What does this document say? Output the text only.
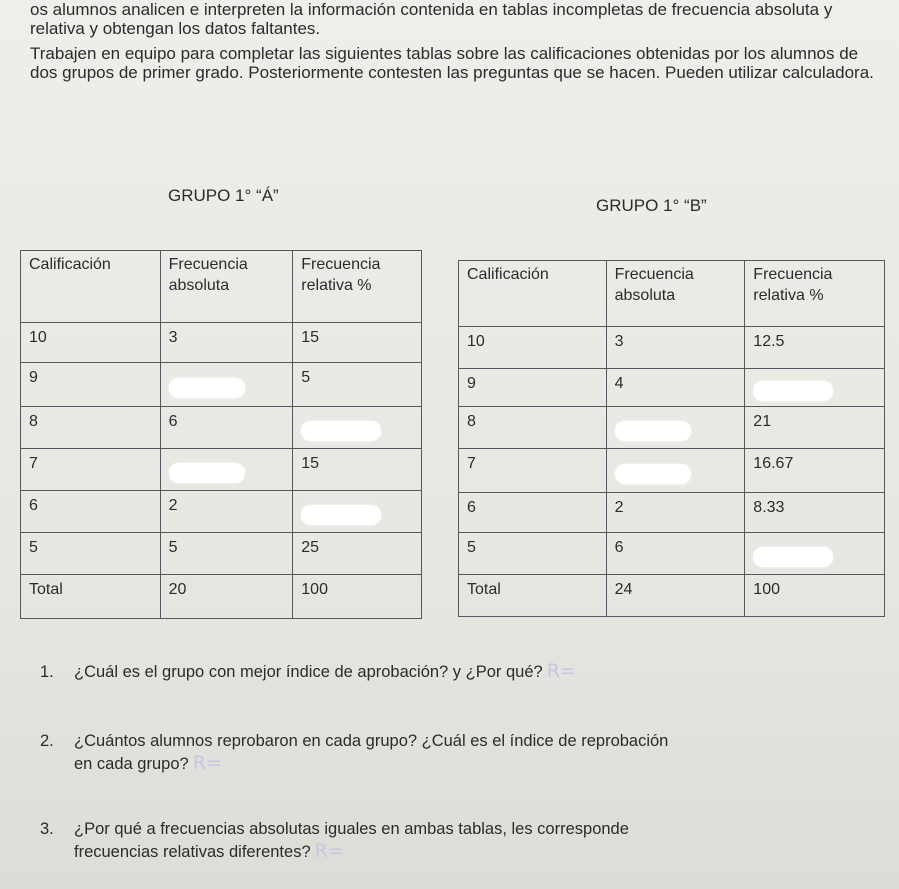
os alumnos analicen e interpreten la información contenida en tablas incompletas de frecuencia absoluta y relativa y obtengan los datos faltantes.
Trabajen en equipo para completar las siguientes tablas sobre las calificaciones obtenidas por los alumnos de dos grupos de primer grado. Posteriormente contesten las preguntas que se hacen. Pueden utilizar calculadora.
GRUPO 1° “Á”
GRUPO 1° “B”
Calificación	Frecuencia absoluta	Frecuencia relativa %
10	3	15
9		5
8	6	
7		15
6	2	
5	5	25
Total	20	100
Calificación	Frecuencia absoluta	Frecuencia relativa %
10	3	12.5
9	4	
8		21
7		16.67
6	2	8.33
5	6	
Total	24	100
1. ¿Cuál es el grupo con mejor índice de aprobación? y ¿Por qué? R=
2. ¿Cuántos alumnos reprobaron en cada grupo? ¿Cuál es el índice de reprobación
en cada grupo? R=
3. ¿Por qué a frecuencias absolutas iguales en ambas tablas, les corresponde
frecuencias relativas diferentes? R=
